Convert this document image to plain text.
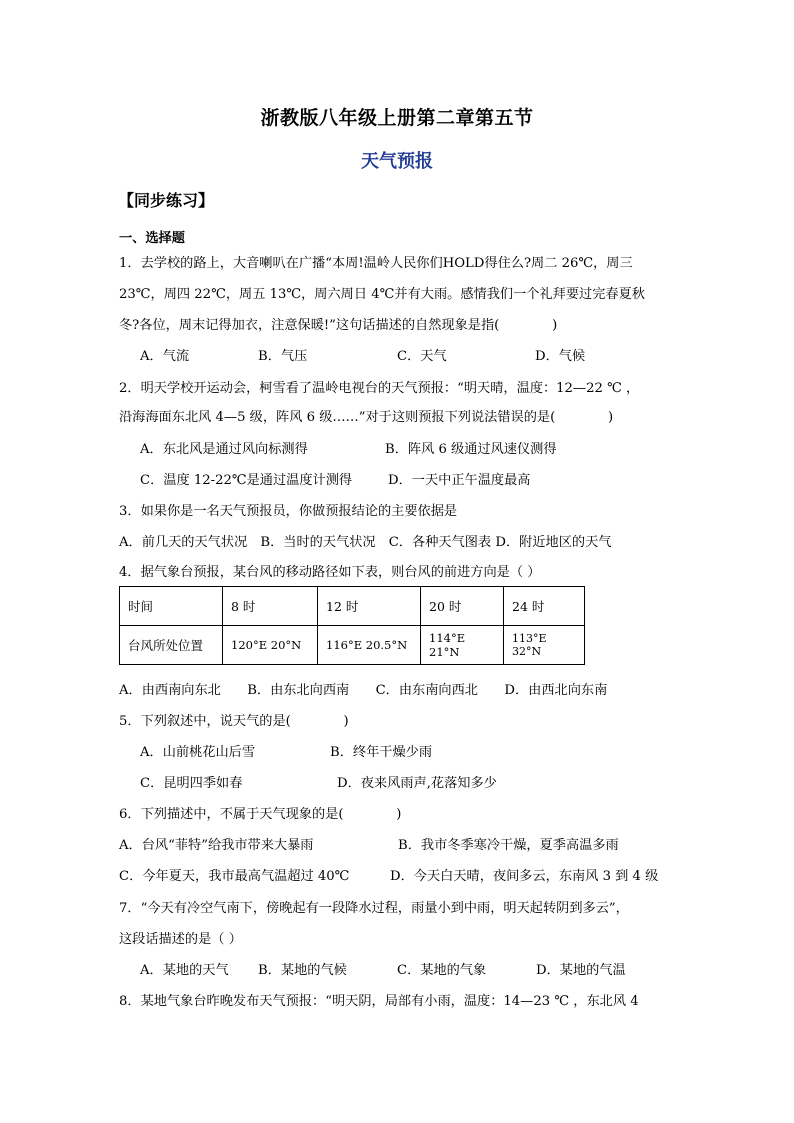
浙教版八年级上册第二章第五节
天气预报
【同步练习】
一、选择题
1．去学校的路上，大音喇叭在广播“本周!温岭人民你们HOLD得住么?周二 26℃，周三
23℃，周四 22℃，周五 13℃，周六周日 4℃并有大雨。感情我们一个礼拜要过完春夏秋
冬?各位，周末记得加衣，注意保暖!”这句话描述的自然现象是指(　　　　)
A．气流	B．气压	C．天气	D．气候
2．明天学校开运动会，柯雪看了温岭电视台的天气预报：“明天晴，温度：12—22 ℃ ，
沿海海面东北风 4—5 级，阵风 6 级……”对于这则预报下列说法错误的是(　　　　)
A．东北风是通过风向标测得	B．阵风 6 级通过风速仪测得
C．温度 12-22℃是通过温度计测得	D．一天中正午温度最高
3．如果你是一名天气预报员，你做预报结论的主要依据是
A．前几天的天气状况　B．当时的天气状况　C．各种天气图表 D．附近地区的天气
4．据气象台预报，某台风的移动路径如下表，则台风的前进方向是（ ）
时间	8 时	12 时	20 时	24 时
台风所处位置	120°E 20°N	116°E 20.5°N	114°E 21°N	113°E 32°N
A．由西南向东北　　B．由东北向西南　　C．由东南向西北　　D．由西北向东南
5．下列叙述中，说天气的是(　　　　)
A．山前桃花山后雪	B．终年干燥少雨
C．昆明四季如春	D．夜来风雨声,花落知多少
6．下列描述中，不属于天气现象的是(　　　　)
A．台风“菲特”给我市带来大暴雨	B．我市冬季寒冷干燥，夏季高温多雨
C．今年夏天，我市最高气温超过 40℃	D．今天白天晴，夜间多云，东南风 3 到 4 级
7．“今天有冷空气南下，傍晚起有一段降水过程，雨量小到中雨，明天起转阴到多云”，
这段话描述的是（ ）
A．某地的天气 B．某地的气候	C．某地的气象	D．某地的气温
8．某地气象台昨晚发布天气预报：“明天阴，局部有小雨，温度：14—23 ℃ ，东北风 4
